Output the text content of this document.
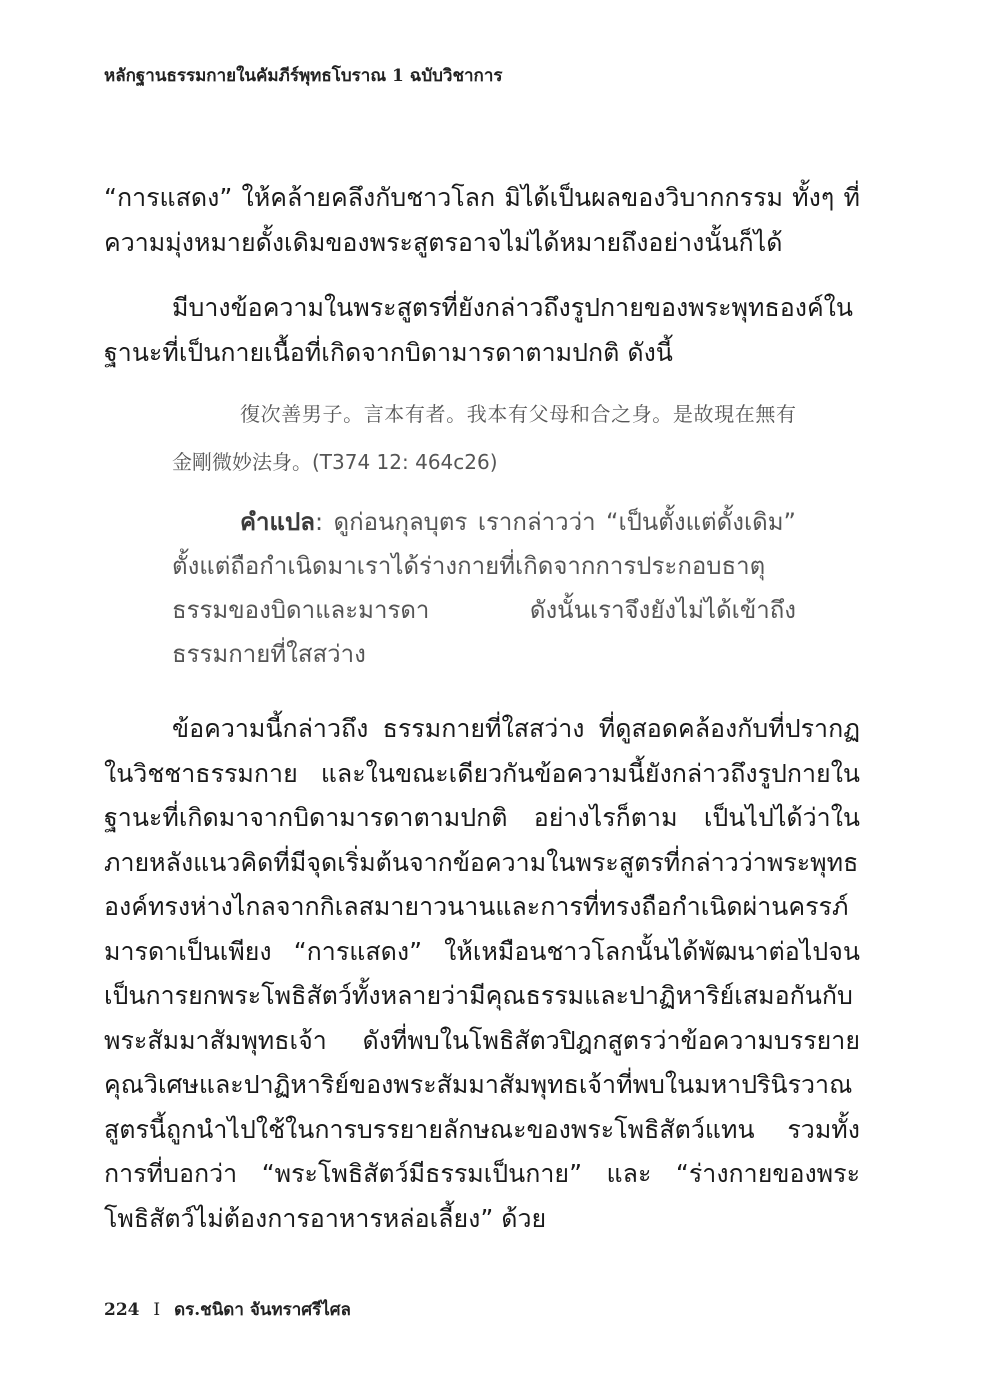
หลักฐานธรรมกายในคัมภีร์พุทธโบราณ 1 ฉบับวิชาการ

“การแสดง” ให้คล้ายคลึงกับชาวโลก มิได้เป็นผลของวิบากกรรม ทั้งๆ ที่ความมุ่งหมายดั้งเดิมของพระสูตรอาจไม่ได้หมายถึงอย่างนั้นก็ได้

มีบางข้อความในพระสูตรที่ยังกล่าวถึงรูปกายของพระพุทธองค์ในฐานะที่เป็นกายเนื้อที่เกิดจากบิดามารดาตามปกติ ดังนี้

復次善男子。言本有者。我本有父母和合之身。是故現在無有金剛微妙法身。(T374 12: 464c26)

คำแปล: ดูก่อนกุลบุตร เรากล่าวว่า “เป็นตั้งแต่ดั้งเดิม” ตั้งแต่ถือกำเนิดมาเราได้ร่างกายที่เกิดจากการประกอบธาตุธรรมของบิดาและมารดา ดังนั้นเราจึงยังไม่ได้เข้าถึงธรรมกายที่ใสสว่าง

ข้อความนี้กล่าวถึง ธรรมกายที่ใสสว่าง ที่ดูสอดคล้องกับที่ปรากฏในวิชชาธรรมกาย และในขณะเดียวกันข้อความนี้ยังกล่าวถึงรูปกายในฐานะที่เกิดมาจากบิดามารดาตามปกติ อย่างไรก็ตาม เป็นไปได้ว่าในภายหลังแนวคิดที่มีจุดเริ่มต้นจากข้อความในพระสูตรที่กล่าวว่าพระพุทธองค์ทรงห่างไกลจากกิเลสมายาวนานและการที่ทรงถือกำเนิดผ่านครรภ์มารดาเป็นเพียง “การแสดง” ให้เหมือนชาวโลกนั้นได้พัฒนาต่อไปจนเป็นการยกพระโพธิสัตว์ทั้งหลายว่ามีคุณธรรมและปาฏิหาริย์เสมอกันกับพระสัมมาสัมพุทธเจ้า ดังที่พบในโพธิสัตวปิฎกสูตรว่าข้อความบรรยายคุณวิเศษและปาฏิหาริย์ของพระสัมมาสัมพุทธเจ้าที่พบในมหาปรินิรวาณสูตรนี้ถูกนำไปใช้ในการบรรยายลักษณะของพระโพธิสัตว์แทน รวมทั้งการที่บอกว่า “พระโพธิสัตว์มีธรรมเป็นกาย” และ “ร่างกายของพระโพธิสัตว์ไม่ต้องการอาหารหล่อเลี้ยง” ด้วย

224 I ดร.ชนิดา จันทราศรีไศล
